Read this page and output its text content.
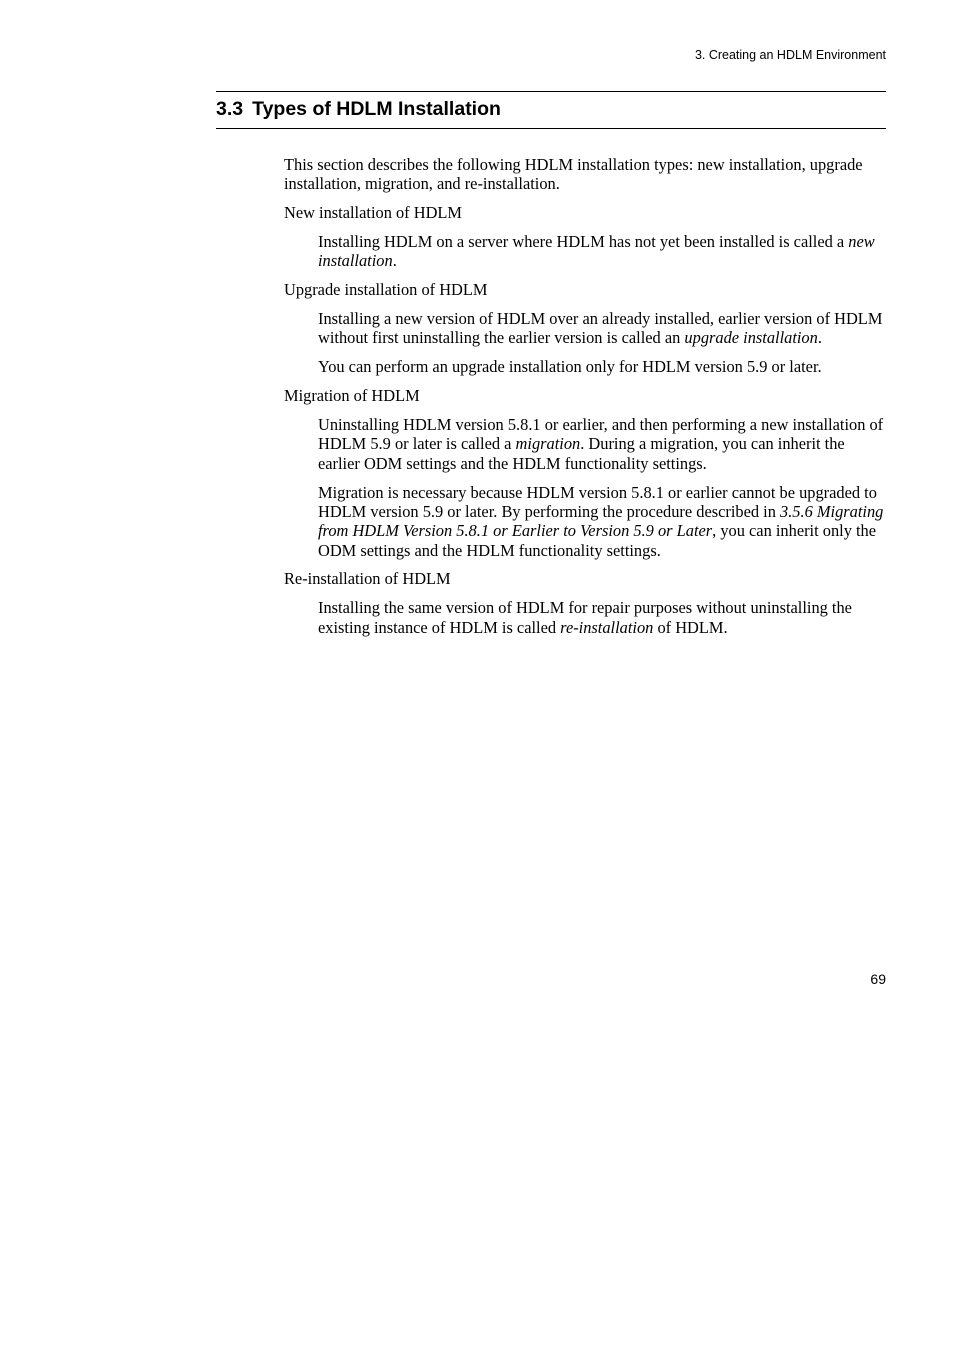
3. Creating an HDLM Environment
3.3 Types of HDLM Installation

This section describes the following HDLM installation types: new installation, upgrade installation, migration, and re-installation.

New installation of HDLM

Installing HDLM on a server where HDLM has not yet been installed is called a new installation.

Upgrade installation of HDLM

Installing a new version of HDLM over an already installed, earlier version of HDLM without first uninstalling the earlier version is called an upgrade installation.

You can perform an upgrade installation only for HDLM version 5.9 or later.

Migration of HDLM

Uninstalling HDLM version 5.8.1 or earlier, and then performing a new installation of HDLM 5.9 or later is called a migration. During a migration, you can inherit the earlier ODM settings and the HDLM functionality settings.

Migration is necessary because HDLM version 5.8.1 or earlier cannot be upgraded to HDLM version 5.9 or later. By performing the procedure described in 3.5.6 Migrating from HDLM Version 5.8.1 or Earlier to Version 5.9 or Later, you can inherit only the ODM settings and the HDLM functionality settings.

Re-installation of HDLM

Installing the same version of HDLM for repair purposes without uninstalling the existing instance of HDLM is called re-installation of HDLM.

69
